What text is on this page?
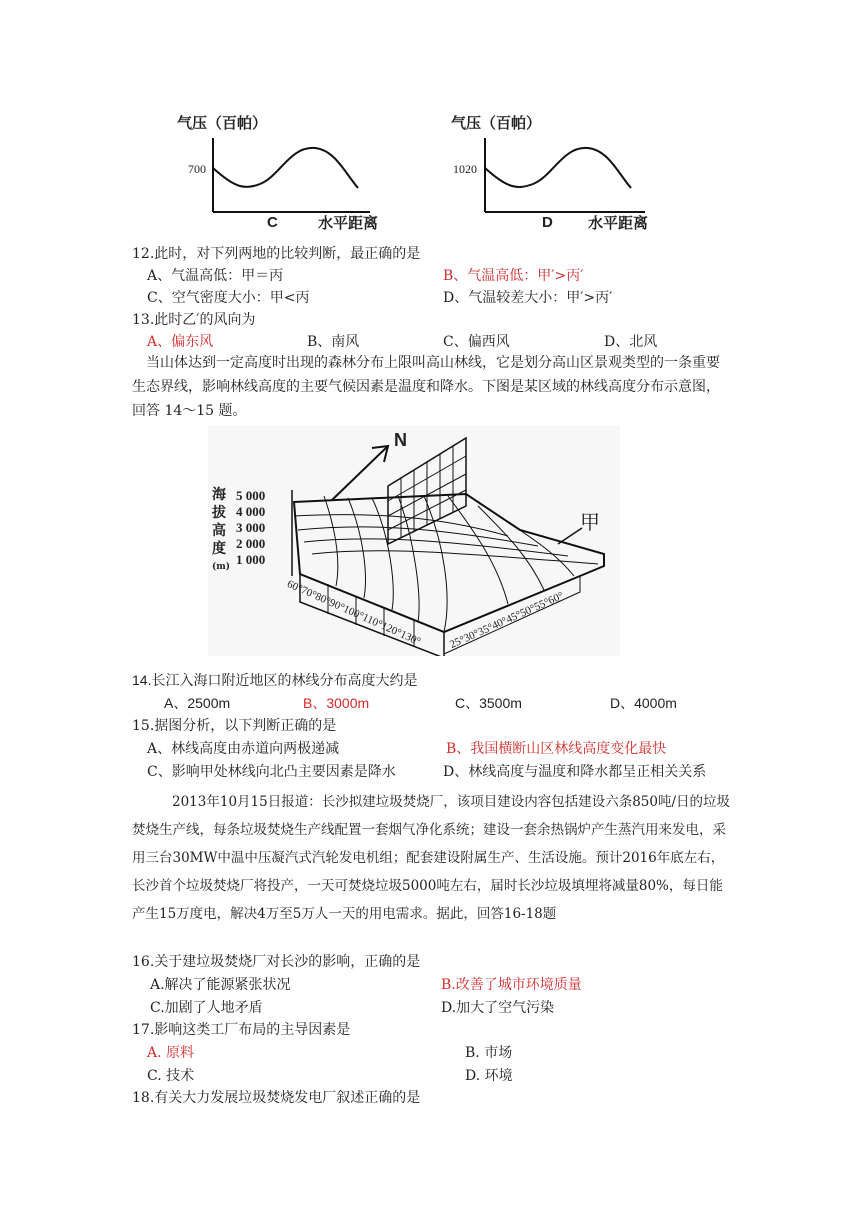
气压（百帕）
700
C	水平距离
气压（百帕）
1020
D 水平距离
12.此时，对下列两地的比较判断，最正确的是
A、气温高低：甲＝丙	B、气温高低：甲′>丙′
C、空气密度大小：甲<丙	D、气温较差大小：甲′>丙′
13.此时乙′的风向为
A、偏东风	B、南风	C、偏西风	D、北风
当山体达到一定高度时出现的森林分布上限叫高山林线，它是划分高山区景观类型的一条重要生态界线，影响林线高度的主要气候因素是温度和降水。下图是某区域的林线高度分布示意图，回答 14～15 题。
N
海
拔
高
度
(m)
5 000
4 000
3 000
2 000
1 000
60°70°80°90°100°110°120°130° 25°30°35°40°45°50°55°60°
甲
14.长江入海口附近地区的林线分布高度大约是
A、2500m	B、3000m	C、3500m	D、4000m
15.据图分析，以下判断正确的是
A、林线高度由赤道向两极递减	B、我国横断山区林线高度变化最快
C、影响甲处林线向北凸主要因素是降水	D、林线高度与温度和降水都呈正相关关系
2013年10月15日报道：长沙拟建垃圾焚烧厂，该项目建设内容包括建设六条850吨/日的垃圾焚烧生产线，每条垃圾焚烧生产线配置一套烟气净化系统；建设一套余热锅炉产生蒸汽用来发电，采用三台30MW中温中压凝汽式汽轮发电机组；配套建设附属生产、生活设施。预计2016年底左右，长沙首个垃圾焚烧厂将投产，一天可焚烧垃圾5000吨左右，届时长沙垃圾填埋将减量80%，每日能产生15万度电，解决4万至5万人一天的用电需求。据此，回答16-18题
16.关于建垃圾焚烧厂对长沙的影响，正确的是
A.解决了能源紧张状况	B.改善了城市环境质量
C.加剧了人地矛盾	D.加大了空气污染
17.影响这类工厂布局的主导因素是
A. 原料	B. 市场
C. 技术	D. 环境
18.有关大力发展垃圾焚烧发电厂叙述正确的是
